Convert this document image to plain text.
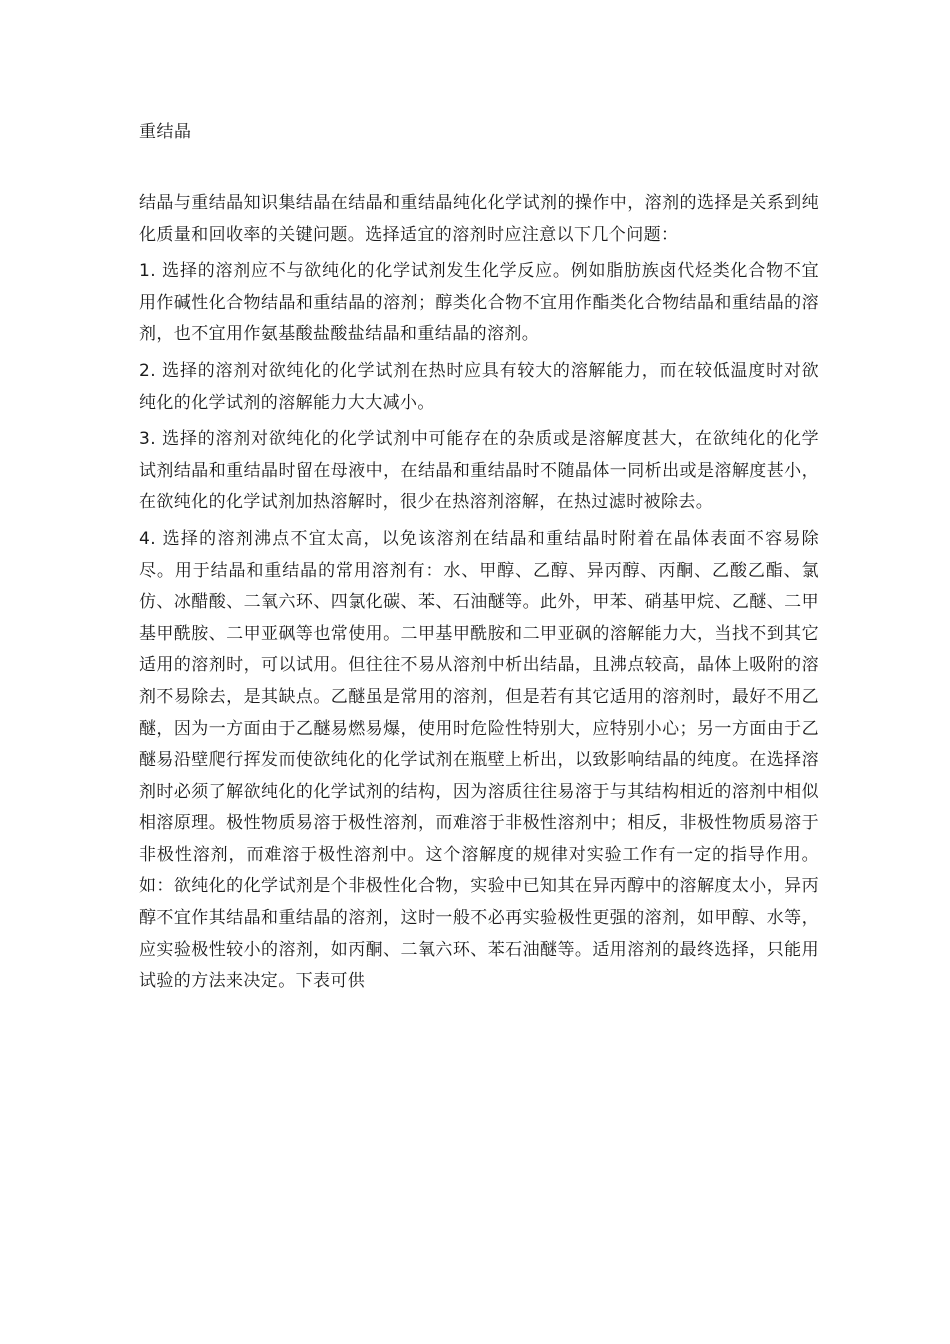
重结晶

结晶与重结晶知识集结晶在结晶和重结晶纯化化学试剂的操作中，溶剂的选择是关系到纯化质量和回收率的关键问题。选择适宜的溶剂时应注意以下几个问题：

1. 选择的溶剂应不与欲纯化的化学试剂发生化学反应。例如脂肪族卤代烃类化合物不宜用作碱性化合物结晶和重结晶的溶剂；醇类化合物不宜用作酯类化合物结晶和重结晶的溶剂，也不宜用作氨基酸盐酸盐结晶和重结晶的溶剂。

2. 选择的溶剂对欲纯化的化学试剂在热时应具有较大的溶解能力，而在较低温度时对欲纯化的化学试剂的溶解能力大大减小。

3. 选择的溶剂对欲纯化的化学试剂中可能存在的杂质或是溶解度甚大，在欲纯化的化学试剂结晶和重结晶时留在母液中，在结晶和重结晶时不随晶体一同析出或是溶解度甚小，在欲纯化的化学试剂加热溶解时，很少在热溶剂溶解，在热过滤时被除去。

4. 选择的溶剂沸点不宜太高，以免该溶剂在结晶和重结晶时附着在晶体表面不容易除尽。用于结晶和重结晶的常用溶剂有：水、甲醇、乙醇、异丙醇、丙酮、乙酸乙酯、氯仿、冰醋酸、二氧六环、四氯化碳、苯、石油醚等。此外，甲苯、硝基甲烷、乙醚、二甲基甲酰胺、二甲亚砜等也常使用。二甲基甲酰胺和二甲亚砜的溶解能力大，当找不到其它适用的溶剂时，可以试用。但往往不易从溶剂中析出结晶，且沸点较高，晶体上吸附的溶剂不易除去，是其缺点。乙醚虽是常用的溶剂，但是若有其它适用的溶剂时，最好不用乙醚，因为一方面由于乙醚易燃易爆，使用时危险性特别大，应特别小心；另一方面由于乙醚易沿壁爬行挥发而使欲纯化的化学试剂在瓶壁上析出，以致影响结晶的纯度。在选择溶剂时必须了解欲纯化的化学试剂的结构，因为溶质往往易溶于与其结构相近的溶剂中相似相溶原理。极性物质易溶于极性溶剂，而难溶于非极性溶剂中；相反，非极性物质易溶于非极性溶剂，而难溶于极性溶剂中。这个溶解度的规律对实验工作有一定的指导作用。如：欲纯化的化学试剂是个非极性化合物，实验中已知其在异丙醇中的溶解度太小，异丙醇不宜作其结晶和重结晶的溶剂，这时一般不必再实验极性更强的溶剂，如甲醇、水等，应实验极性较小的溶剂，如丙酮、二氧六环、苯石油醚等。适用溶剂的最终选择，只能用试验的方法来决定。下表可供
